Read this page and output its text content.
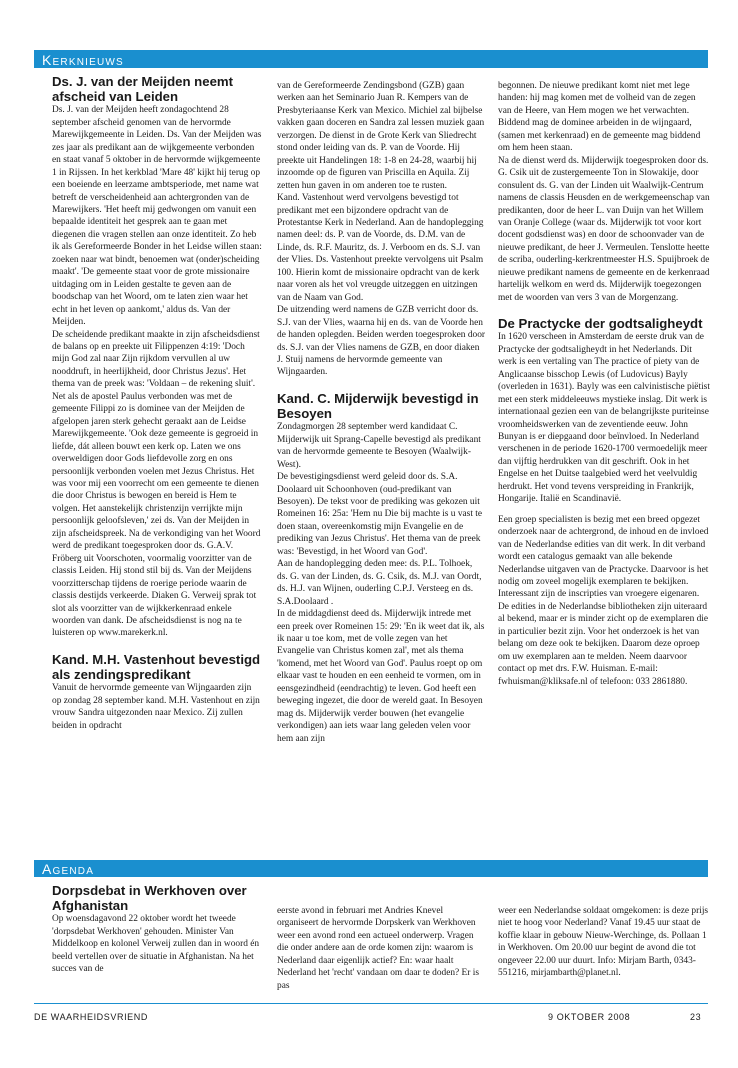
Kerknieuws
Ds. J. van der Meijden neemt afscheid van Leiden

Ds. J. van der Meijden heeft zondagochtend 28 september afscheid genomen van de hervormde Marewijkgemeente in Leiden. Ds. Van der Meijden was zes jaar als predikant aan de wijkgemeente verbonden en staat vanaf 5 oktober in de hervormde wijkgemeente 1 in Rijssen. In het kerkblad 'Mare 48' kijkt hij terug op een boeiende en leerzame ambtsperiode, met name wat betreft de verscheidenheid aan achtergronden van de Marewijkers. 'Het heeft mij gedwongen om vanuit een bepaalde identiteit het gesprek aan te gaan met diegenen die vragen stellen aan onze identiteit. Zo heb ik als Gereformeerde Bonder in het Leidse willen staan: zoeken naar wat bindt, benoemen wat (onder)scheiding maakt'. 'De gemeente staat voor de grote missionaire uitdaging om in Leiden gestalte te geven aan de boodschap van het Woord, om te laten zien waar het echt in het leven op aankomt,' aldus ds. Van der Meijden.

De scheidende predikant maakte in zijn afscheidsdienst de balans op en preekte uit Filippenzen 4:19: 'Doch mijn God zal naar Zijn rijkdom vervullen al uw nooddruft, in heerlijkheid, door Christus Jezus'. Het thema van de preek was: 'Voldaan – de rekening sluit'. Net als de apostel Paulus verbonden was met de gemeente Filippi zo is dominee van der Meijden de afgelopen jaren sterk gehecht geraakt aan de Leidse Marewijkgemeente. 'Ook deze gemeente is gegroeid in liefde, dát alleen bouwt een kerk op. Laten we ons overweldigen door Gods liefdevolle zorg en ons persoonlijk verbonden voelen met Jezus Christus. Het was voor mij een voorrecht om een gemeente te dienen die door Christus is bewogen en bereid is Hem te volgen. Het aanstekelijk christenzijn verrijkte mijn persoonlijk geloofsleven,' zei ds. Van der Meijden in zijn afscheidspreek. Na de verkondiging van het Woord werd de predikant toegesproken door ds. G.A.V. Fröberg uit Voorschoten, voormalig voorzitter van de classis Leiden. Hij stond stil bij ds. Van der Meijdens voorzitterschap tijdens de roerige periode waarin de classis destijds verkeerde. Diaken G. Verweij sprak tot slot als voorzitter van de wijkkerkenraad enkele woorden van dank. De afscheidsdienst is nog na te luisteren op www.marekerk.nl.

Kand. M.H. Vastenhout bevestigd als zendingspredikant

Vanuit de hervormde gemeente van Wijngaarden zijn op zondag 28 september kand. M.H. Vastenhout en zijn vrouw Sandra uitgezonden naar Mexico. Zij zullen beiden in opdracht

van de Gereformeerde Zendingsbond (GZB) gaan werken aan het Seminario Juan R. Kempers van de Presbyteriaanse Kerk van Mexico. Michiel zal bijbelse vakken gaan doceren en Sandra zal lessen muziek gaan verzorgen. De dienst in de Grote Kerk van Sliedrecht stond onder leiding van ds. P. van de Voorde. Hij preekte uit Handelingen 18: 1-8 en 24-28, waarbij hij inzoomde op de figuren van Priscilla en Aquila. Zij zetten hun gaven in om anderen toe te rusten.

Kand. Vastenhout werd vervolgens bevestigd tot predikant met een bijzondere opdracht van de Protestantse Kerk in Nederland. Aan de handoplegging namen deel: ds. P. van de Voorde, ds. D.M. van de Linde, ds. R.F. Mauritz, ds. J. Verboom en ds. S.J. van der Vlies. Ds. Vastenhout preekte vervolgens uit Psalm 100. Hierin komt de missionaire opdracht van de kerk naar voren als het vol vreugde uitzeggen en uitzingen van de Naam van God.

De uitzending werd namens de GZB verricht door ds. S.J. van der Vlies, waarna hij en ds. van de Voorde hen de handen oplegden. Beiden werden toegesproken door ds. S.J. van der Vlies namens de GZB, en door diaken J. Stuij namens de hervormde gemeente van Wijngaarden.

Kand. C. Mijderwijk bevestigd in Besoyen

Zondagmorgen 28 september werd kandidaat C. Mijderwijk uit Sprang-Capelle bevestigd als predikant van de hervormde gemeente te Besoyen (Waalwijk-West).

De bevestigingsdienst werd geleid door ds. S.A. Doolaard uit Schoonhoven (oud-predikant van Besoyen). De tekst voor de prediking was gekozen uit Romeinen 16: 25a: 'Hem nu Die bij machte is u vast te doen staan, overeenkomstig mijn Evangelie en de prediking van Jezus Christus'. Het thema van de preek was: 'Bevestigd, in het Woord van God'.

Aan de handoplegging deden mee: ds. P.L. Tolhoek, ds. G. van der Linden, ds. G. Csik, ds. M.J. van Oordt, ds. H.J. van Wijnen, ouderling C.P.J. Versteeg en ds. S.A.Doolaard .

In de middagdienst deed ds. Mijderwijk intrede met een preek over Romeinen 15: 29: 'En ik weet dat ik, als ik naar u toe kom, met de volle zegen van het Evangelie van Christus komen zal', met als thema 'komend, met het Woord van God'. Paulus roept op om elkaar vast te houden en een eenheid te vormen, om in eensgezindheid (eendrachtig) te leven. God heeft een beweging ingezet, die door de wereld gaat. In Besoyen mag ds. Mijderwijk verder bouwen (het evangelie verkondigen) aan iets waar lang geleden velen voor hem aan zijn

begonnen. De nieuwe predikant komt niet met lege handen: hij mag komen met de volheid van de zegen van de Heere, van Hem mogen we het verwachten. Biddend mag de dominee arbeiden in de wijngaard, (samen met kerkenraad) en de gemeente mag biddend om hem heen staan.

Na de dienst werd ds. Mijderwijk toegesproken door ds. G. Csik uit de zustergemeente Ton in Slowakije, door consulent ds. G. van der Linden uit Waalwijk-Centrum namens de classis Heusden en de werkgemeenschap van predikanten, door de heer L. van Duijn van het Willem van Oranje College (waar ds. Mijderwijk tot voor kort docent godsdienst was) en door de schoonvader van de nieuwe predikant, de heer J. Vermeulen. Tenslotte heette de scriba, ouderling-kerkrentmeester H.S. Spuijbroek de nieuwe predikant namens de gemeente en de kerkenraad hartelijk welkom en werd ds. Mijderwijk toegezongen met de woorden van vers 3 van de Morgenzang.

De Practycke der godtsaligheydt

In 1620 verscheen in Amsterdam de eerste druk van de Practycke der godtsaligheydt in het Nederlands. Dit werk is een vertaling van The practice of piety van de Anglicaanse bisschop Lewis (of Ludovicus) Bayly (overleden in 1631). Bayly was een calvinistische piëtist met een sterk middeleeuws mystieke inslag. Dit werk is internationaal gezien een van de belangrijkste puriteinse vroomheidswerken van de zeventiende eeuw. John Bunyan is er diepgaand door beïnvloed. In Nederland verschenen in de periode 1620-1700 vermoedelijk meer dan vijftig herdrukken van dit geschrift. Ook in het Engelse en het Duitse taalgebied werd het veelvuldig herdrukt. Het vond tevens verspreiding in Frankrijk, Hongarije. Italië en Scandinavië.

Een groep specialisten is bezig met een breed opgezet onderzoek naar de achtergrond, de inhoud en de invloed van de Nederlandse edities van dit werk. In dit verband wordt een catalogus gemaakt van alle bekende Nederlandse uitgaven van de Practycke. Daarvoor is het nodig om zoveel mogelijk exemplaren te bekijken. Interessant zijn de inscripties van vroegere eigenaren. De edities in de Nederlandse bibliotheken zijn uiteraard al bekend, maar er is minder zicht op de exemplaren die in particulier bezit zijn. Voor het onderzoek is het van belang om deze ook te bekijken. Daarom deze oproep om uw exemplaren aan te melden. Neem daarvoor contact op met drs. F.W. Huisman. E-mail: fwhuisman@kliksafe.nl of telefoon: 033 2861880.

Agenda
Dorpsdebat in Werkhoven over Afghanistan

Op woensdagavond 22 oktober wordt het tweede 'dorpsdebat Werkhoven' gehouden. Minister Van Middelkoop en kolonel Verweij zullen dan in woord én beeld vertellen over de situatie in Afghanistan. Na het succes van de

eerste avond in februari met Andries Knevel organiseert de hervormde Dorpskerk van Werkhoven weer een avond rond een actueel onderwerp. Vragen die onder andere aan de orde komen zijn: waarom is Nederland daar eigenlijk actief? En: waar haalt Nederland het 'recht' vandaan om daar te doden? Er is pas

weer een Nederlandse soldaat omgekomen: is deze prijs niet te hoog voor Nederland? Vanaf 19.45 uur staat de koffie klaar in gebouw Nieuw-Werchinge, ds. Pollaan 1 in Werkhoven. Om 20.00 uur begint de avond die tot ongeveer 22.00 uur duurt. Info: Mirjam Barth, 0343-551216, mirjambarth@planet.nl.

DE WAARHEIDSVRIEND	9 OKTOBER 2008	23
